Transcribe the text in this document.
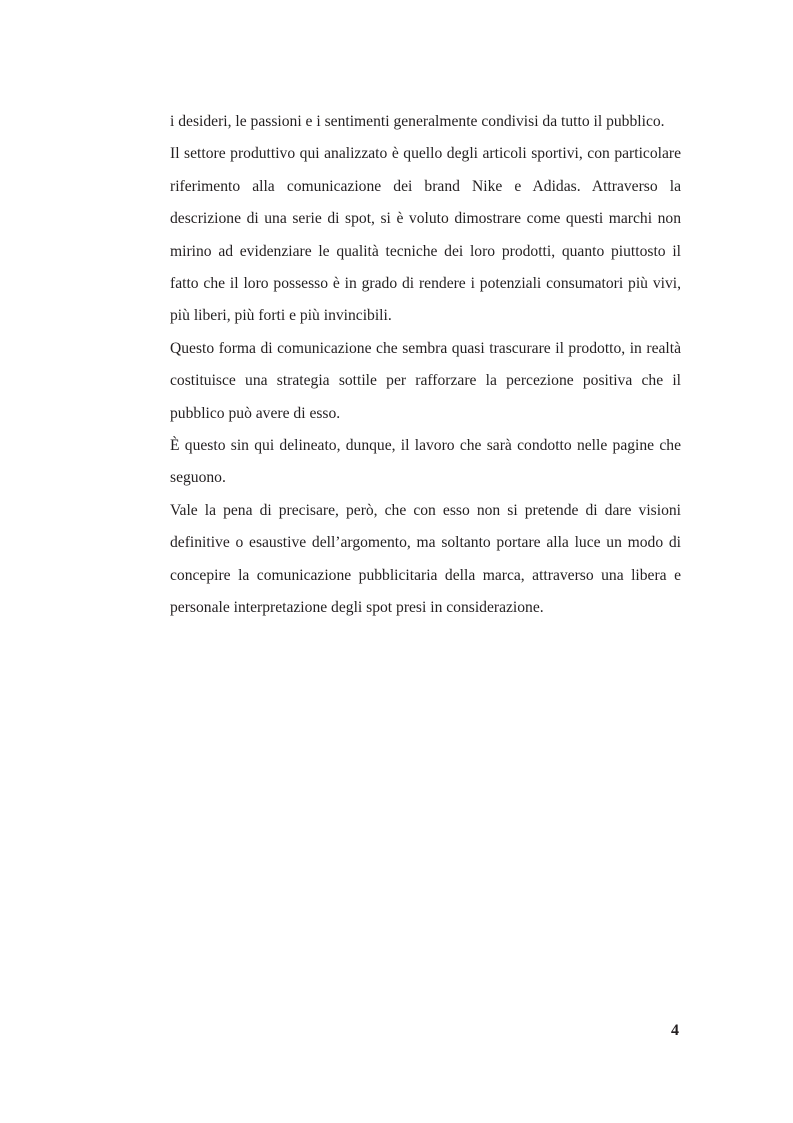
i desideri, le passioni e i sentimenti generalmente condivisi da tutto il pubblico.

Il settore produttivo qui analizzato è quello degli articoli sportivi, con particolare riferimento alla comunicazione dei brand Nike e Adidas. Attraverso la descrizione di una serie di spot, si è voluto dimostrare come questi marchi non mirino ad evidenziare le qualità tecniche dei loro prodotti, quanto piuttosto il fatto che il loro possesso è in grado di rendere i potenziali consumatori più vivi, più liberi, più forti e più invincibili.

Questo forma di comunicazione che sembra quasi trascurare il prodotto, in realtà costituisce una strategia sottile per rafforzare la percezione positiva che il pubblico può avere di esso.

È questo sin qui delineato, dunque, il lavoro che sarà condotto nelle pagine che seguono.

Vale la pena di precisare, però, che con esso non si pretende di dare visioni definitive o esaustive dell’argomento, ma soltanto portare alla luce un modo di concepire la comunicazione pubblicitaria della marca, attraverso una libera e personale interpretazione degli spot presi in considerazione.

4
